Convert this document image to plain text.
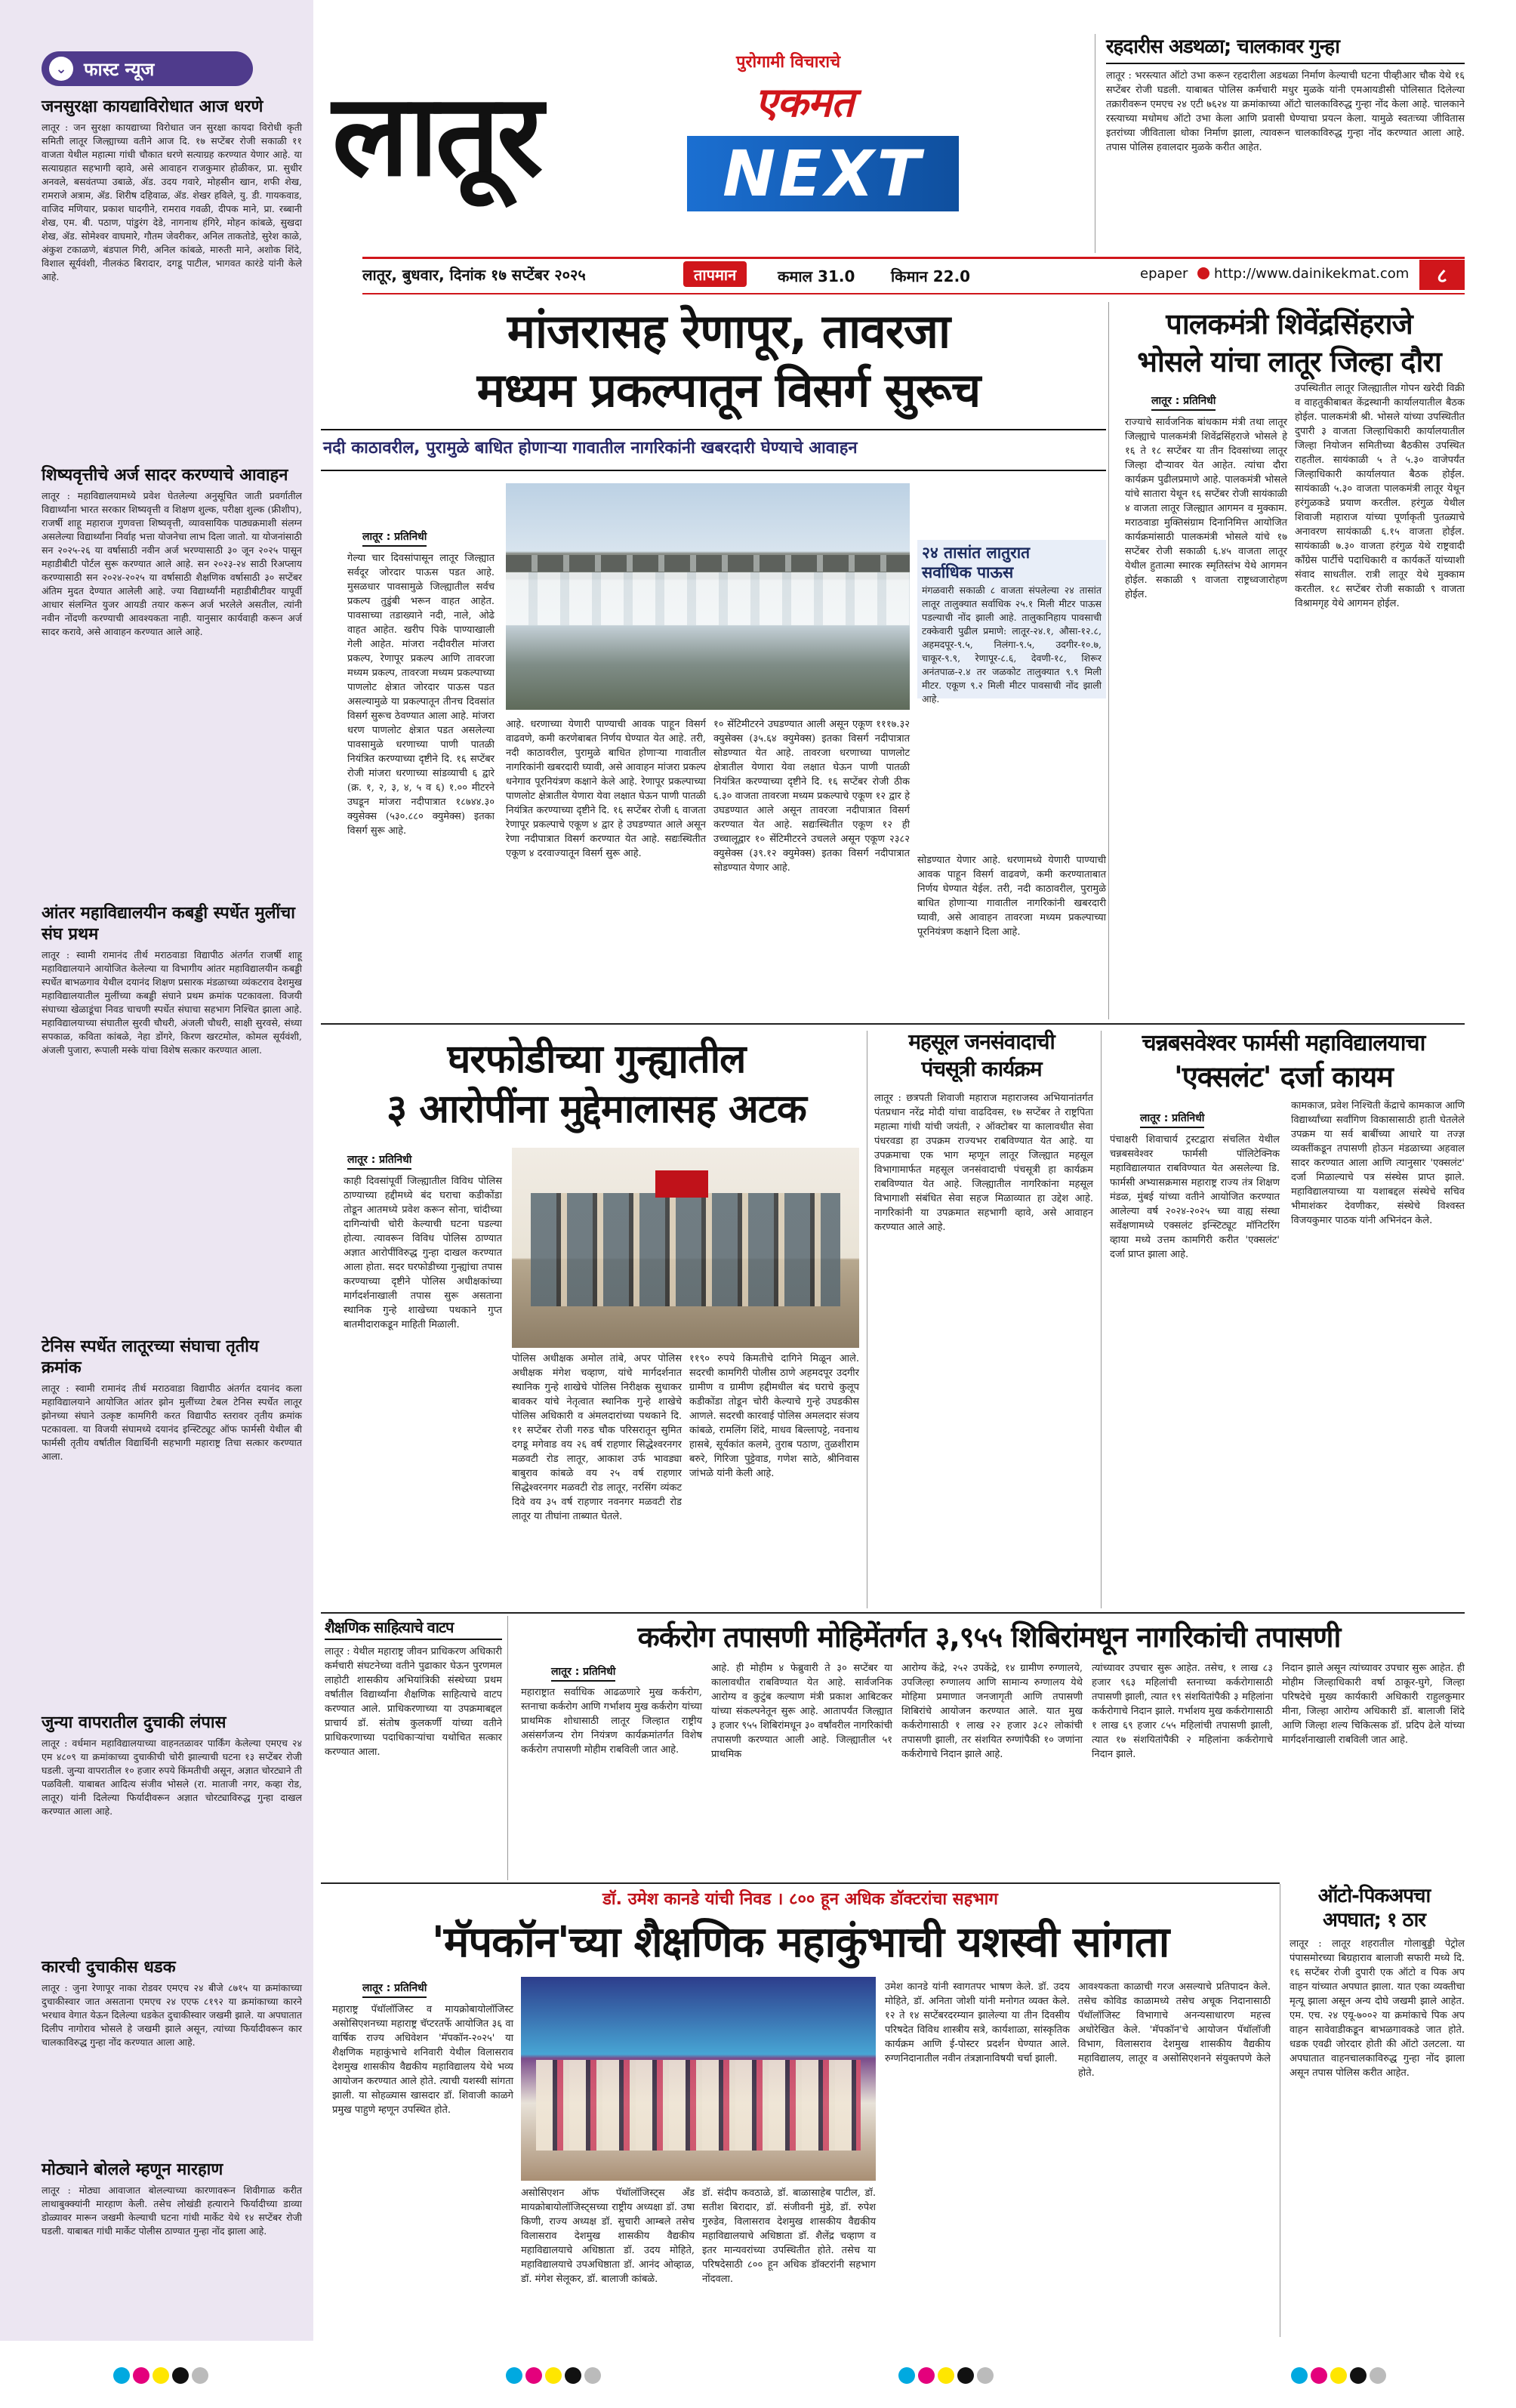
⌄ फास्ट न्यूज
जनसुरक्षा कायद्याविरोधात आज धरणे
लातूर : जन सुरक्षा कायद्याच्या विरोधात जन सुरक्षा कायदा विरोधी कृती समिती लातूर जिल्ह्याच्या वतीने आज दि. १७ सप्टेंबर रोजी सकाळी ११ वाजता येथील महात्मा गांधी चौकात धरणे सत्याग्रह करण्यात येणार आहे. या सत्याग्रहात सहभागी व्हावे, असे आवाहन राजकुमार होळीकर, प्रा. सुधीर अनवले, बसवंतप्पा उबाळे, ॲड. उदय गवारे, मोहसीन खान, शफी शेख, रामराजे अत्राम, ॲड. शिरीष दहिवाळ, ॲड. शेखर हविले, यु. डी. गायकवाड, वाजिद मणियार, प्रकाश घादगीने, रामराव गवळी, दीपक माने, प्रा. रब्बानी शेख, एम. बी. पठाण, पांडुरंग देडे, नागनाथ हंगिरे, मोहन कांबळे, सुखदा शेख, ॲड. सोमेश्वर वाघमारे, गौतम जेवरीकर, अनिल ताकतोडे, सुरेश काळे, अंकुश टकाळणे, बंडपाल गिरी, अनिल कांबळे, मारुती माने, अशोक शिंदे, विशाल सूर्यवंशी, नीलकंठ बिरादार, दगडू पाटील, भागवत कारंडे यांनी केले आहे.
शिष्यवृत्तीचे अर्ज सादर करण्याचे आवाहन
लातूर : महाविद्यालयामध्ये प्रवेश घेतलेल्या अनुसूचित जाती प्रवर्गातील विद्यार्थ्यांना भारत सरकार शिष्यवृत्ती व शिक्षण शुल्क, परीक्षा शुल्क (फ्रीशीप), राजर्षी शाहू महाराज गुणवत्ता शिष्यवृत्ती, व्यावसायिक पाठ्यक्रमाशी संलग्न असलेल्या विद्यार्थ्यांना निर्वाह भत्ता योजनेचा लाभ दिला जातो. या योजनांसाठी सन २०२५-२६ या वर्षासाठी नवीन अर्ज भरण्यासाठी ३० जून २०२५ पासून महाडीबीटी पोर्टल सुरू करण्यात आले आहे. सन २०२३-२४ साठी रिअप्लाय करण्यासाठी सन २०२४-२०२५ या वर्षासाठी शैक्षणिक वर्षासाठी ३० सप्टेंबर अंतिम मुदत देण्यात आलेली आहे. ज्या विद्यार्थ्यांनी महाडीबीटीवर यापूर्वी आधार संलग्नित युजर आयडी तयार करून अर्ज भरलेले असतील, त्यांनी नवीन नोंदणी करण्याची आवश्यकता नाही. यानुसार कार्यवाही करून अर्ज सादर करावे, असे आवाहन करण्यात आले आहे.
आंतर महाविद्यालयीन कबड्डी स्पर्धेत मुलींचा संघ प्रथम
लातूर : स्वामी रामानंद तीर्थ मराठवाडा विद्यापीठ अंतर्गत राजर्षी शाहू महाविद्यालयाने आयोजित केलेल्या या विभागीय आंतर महाविद्यालयीन कबड्डी स्पर्धेत बाभळगाव येथील दयानंद शिक्षण प्रसारक मंडळाच्या व्यंकटराव देशमुख महाविद्यालयातील मुलींच्या कबड्डी संघाने प्रथम क्रमांक पटकावला. विजयी संघाच्या खेळाडूंचा निवड चाचणी स्पर्धेत संघाचा सहभाग निश्चित झाला आहे. महाविद्यालयाच्या संघातील सुरवी चौधरी, अंजली चौधरी, साक्षी सुरवसे, संध्या सपकाळ, कविता कांबळे, नेहा डोंगरे, किरण खरटमोल, कोमल सूर्यवंशी, अंजली पुजारा, रूपाली मस्के यांचा विशेष सत्कार करण्यात आला.
टेनिस स्पर्धेत लातूरच्या संघाचा तृतीय क्रमांक
लातूर : स्वामी रामानंद तीर्थ मराठवाडा विद्यापीठ अंतर्गत दयानंद कला महाविद्यालयाने आयोजित आंतर झोन मुलींच्या टेबल टेनिस स्पर्धेत लातूर झोनच्या संघाने उत्कृष्ट कामगिरी करत विद्यापीठ स्तरावर तृतीय क्रमांक पटकावला. या विजयी संघामध्ये दयानंद इन्स्टिट्यूट ऑफ फार्मसी येथील बी फार्मसी तृतीय वर्षातील विद्यार्थिनी सहभागी महाराष्ट्र तिचा सत्कार करण्यात आला.
जुन्या वापरातील दुचाकी लंपास
लातूर : वर्धमान महाविद्यालयाच्या वाहनतळावर पार्किंग केलेल्या एमएच २४ एम ४८०९ या क्रमांकाच्या दुचाकीची चोरी झाल्याची घटना १३ सप्टेंबर रोजी घडली. जुन्या वापरातील १० हजार रुपये किंमतीची असून, अज्ञात चोरट्याने ती पळविली. याबाबत आदित्य संजीव भोसले (रा. माताजी नगर, कव्हा रोड, लातूर) यांनी दिलेल्या फिर्यादीवरून अज्ञात चोरट्याविरुद्ध गुन्हा दाखल करण्यात आला आहे.
कारची दुचाकीस धडक
लातूर : जुना रेणापूर नाका रोडवर एमएच २४ बीजे ८७१५ या क्रमांकाच्या दुचाकीस्वार जात असताना एमएच २४ एएफ ८१९२ या क्रमांकाच्या कारने भरधाव वेगात येऊन दिलेल्या धडकेत दुचाकीस्वार जखमी झाले. या अपघातात दिलीप नागोराव भोसले हे जखमी झाले असून, त्यांच्या फिर्यादीवरून कार चालकाविरुद्ध गुन्हा नोंद करण्यात आला आहे.
मोठ्याने बोलले म्हणून मारहाण
लातूर : मोठ्या आवाजात बोलल्याच्या कारणावरून शिवीगाळ करीत लाथाबुक्क्यांनी मारहाण केली. तसेच लोखंडी हत्याराने फिर्यादीच्या डाव्या डोळ्यावर मारून जखमी केल्याची घटना गांधी मार्केट येथे १४ सप्टेंबर रोजी घडली. याबाबत गांधी मार्केट पोलीस ठाण्यात गुन्हा नोंद झाला आहे.
लातूर
पुरोगामी विचाराचे
एकमत
NEXT
लातूर, बुधवार, दिनांक १७ सप्टेंबर २०२५	तापमान	कमाल 31.0 किमान 22.0	epaper http://www.dainikekmat.com	८
रहदारीस अडथळा; चालकावर गुन्हा
लातूर : भरस्त्यात ऑटो उभा करून रहदारीला अडथळा निर्माण केल्याची घटना पीव्हीआर चौक येथे १६ सप्टेंबर रोजी घडली. याबाबत पोलिस कर्मचारी मधुर मुळके यांनी एमआयडीसी पोलिसात दिलेल्या तक्रारीवरून एमएच २४ एटी ७६२४ या क्रमांकाच्या ऑटो चालकाविरुद्ध गुन्हा नोंद केला आहे. चालकाने रस्त्याच्या मधोमध ऑटो उभा केला आणि प्रवासी घेण्याचा प्रयत्न केला. यामुळे स्वतःच्या जीवितास इतरांच्या जीविताला धोका निर्माण झाला, त्यावरून चालकाविरुद्ध गुन्हा नोंद करण्यात आला आहे. तपास पोलिस हवालदार मुळके करीत आहेत.
मांजरासह रेणापूर, तावरजा
मध्यम प्रकल्पातून विसर्ग सुरूच
नदी काठावरील, पुरामुळे बाधित होणाऱ्या गावातील नागरिकांनी खबरदारी घेण्याचे आवाहन
लातूर : प्रतिनिधी
गेल्या चार दिवसांपासून लातूर जिल्ह्यात सर्वदूर जोरदार पाऊस पडत आहे. मुसळधार पावसामुळे जिल्ह्यातील सर्वच प्रकल्प तुडुंबी भरून वाहत आहेत. पावसाच्या तडाख्याने नदी, नाले, ओढे वाहत आहेत. खरीप पिके पाण्याखाली गेली आहेत. मांजरा नदीवरील मांजरा प्रकल्प, रेणापूर प्रकल्प आणि तावरजा मध्यम प्रकल्प, तावरजा मध्यम प्रकल्पाच्या पाणलोट क्षेत्रात जोरदार पाऊस पडत असल्यामुळे या प्रकल्पातून तीनच दिवसांत विसर्ग सुरूच ठेवण्यात आला आहे. मांजरा धरण पाणलोट क्षेत्रात पडत असलेल्या पावसामुळे धरणाच्या पाणी पातळी नियंत्रित करण्याच्या दृष्टीने दि. १६ सप्टेंबर रोजी मांजरा धरणाच्या सांडव्याची ६ द्वारे (क्र. १, २, ३, ४, ५ व ६) १.०० मीटरने उघडून मांजरा नदीपात्रात १८७४४.३० क्युसेक्स (५३०.८८० क्युमेक्स) इतका विसर्ग सुरू आहे.
आहे. धरणाच्या येणारी पाण्याची आवक पाहून विसर्ग वाढवणे, कमी करणेबाबत निर्णय घेण्यात येत आहे. तरी, नदी काठावरील, पुरामुळे बाधित होणाऱ्या गावातील नागरिकांनी खबरदारी घ्यावी, असे आवाहन मांजरा प्रकल्प धनेगाव पूरनियंत्रण कक्षाने केले आहे. रेणापूर प्रकल्पाच्या पाणलोट क्षेत्रातील येणारा येवा लक्षात घेऊन पाणी पातळी नियंत्रित करण्याच्या दृष्टीने दि. १६ सप्टेंबर रोजी ६ वाजता रेणापूर प्रकल्पाचे एकूण ४ द्वार हे उघडण्यात आले असून रेणा नदीपात्रात विसर्ग करण्यात येत आहे. सद्यःस्थितीत एकूण ४ दरवाज्यातून विसर्ग सुरू आहे.
१० सेंटिमीटरने उघडण्यात आली असून एकूण १११७.३२ क्युसेक्स (३५.६४ क्युमेक्स) इतका विसर्ग नदीपात्रात सोडण्यात येत आहे. तावरजा धरणाच्या पाणलोट क्षेत्रातील येणारा येवा लक्षात घेऊन पाणी पातळी नियंत्रित करण्याच्या दृष्टीने दि. १६ सप्टेंबर रोजी ठीक ६.३० वाजता तावरजा मध्यम प्रकल्पाचे एकूण १२ द्वार हे उघडण्यात आले असून तावरजा नदीपात्रात विसर्ग करण्यात येत आहे. सद्यःस्थितीत एकूण १२ ही उच्चालूद्वार १० सेंटिमीटरने उचलले असून एकूण २३८२ क्युसेक्स (३९.१२ क्युमेक्स) इतका विसर्ग नदीपात्रात सोडण्यात येणार आहे.
२४ तासांत लातुरात
सर्वाधिक पाऊस
मंगळवारी सकाळी ८ वाजता संपलेल्या २४ तासांत लातूर तालुक्यात सर्वाधिक २५.१ मिली मीटर पाऊस पडल्याची नोंद झाली आहे. तालुकानिहाय पावसाची टक्केवारी पुढील प्रमाणे: लातूर-२४.१, औसा-१२.८, अहमदपूर-९.५, निलंगा-९.५, उदगीर-१०.७, चाकूर-९.९, रेणापूर-८.६, देवणी-१८, शिरूर अनंतपाळ-२.४ तर जळकोट तालुक्यात ९.९ मिली मीटर. एकूण ९.२ मिली मीटर पावसाची नोंद झाली आहे.
सोडण्यात येणार आहे. धरणामध्ये येणारी पाण्याची आवक पाहून विसर्ग वाढवणे, कमी करण्याताबात निर्णय घेण्यात येईल. तरी, नदी काठावरील, पुरामुळे बाधित होणाऱ्या गावातील नागरिकांनी खबरदारी घ्यावी, असे आवाहन तावरजा मध्यम प्रकल्पाच्या पूरनियंत्रण कक्षाने दिला आहे.
पालकमंत्री शिवेंद्रसिंहराजे
भोसले यांचा लातूर जिल्हा दौरा
लातूर : प्रतिनिधी
राज्याचे सार्वजनिक बांधकाम मंत्री तथा लातूर जिल्ह्याचे पालकमंत्री शिवेंद्रसिंहराजे भोसले हे १६ ते १८ सप्टेंबर या तीन दिवसांच्या लातूर जिल्हा दौऱ्यावर येत आहेत. त्यांचा दौरा कार्यक्रम पुढीलप्रमाणे आहे. पालकमंत्री भोसले यांचे सातारा येथून १६ सप्टेंबर रोजी सायंकाळी ४ वाजता लातूर जिल्ह्यात आगमन व मुक्काम. मराठवाडा मुक्तिसंग्राम दिनानिमित्त आयोजित कार्यक्रमांसाठी पालकमंत्री भोसले यांचे १७ सप्टेंबर रोजी सकाळी ६.४५ वाजता लातूर येथील हुतात्मा स्मारक स्मृतिस्तंभ येथे आगमन होईल. सकाळी ९ वाजता राष्ट्रध्वजारोहण होईल.
उपस्थितीत लातूर जिल्ह्यातील गोपन खरेदी विक्री व वाहतुकीबाबत केंद्रस्थानी कार्यालयातील बैठक होईल. पालकमंत्री श्री. भोसले यांच्या उपस्थितीत दुपारी ३ वाजता जिल्हाधिकारी कार्यालयातील जिल्हा नियोजन समितीच्या बैठकीस उपस्थित राहतील. सायंकाळी ५ ते ५.३० वाजेपर्यंत जिल्हाधिकारी कार्यालयात बैठक होईल. सायंकाळी ५.३० वाजता पालकमंत्री लातूर येथून हरंगुळकडे प्रयाण करतील. हरंगुळ येथील शिवाजी महाराज यांच्या पूर्णाकृती पुतळ्याचे अनावरण सायंकाळी ६.१५ वाजता होईल. सायंकाळी ७.३० वाजता हरंगुळ येथे राष्ट्रवादी काँग्रेस पार्टीचे पदाधिकारी व कार्यकर्ते यांच्याशी संवाद साधतील. रात्री लातूर येथे मुक्काम करतील. १८ सप्टेंबर रोजी सकाळी ९ वाजता विश्रामगृह येथे आगमन होईल.
घरफोडीच्या गुन्ह्यातील
३ आरोपींना मुद्देमालासह अटक
लातूर : प्रतिनिधी
काही दिवसांपूर्वी जिल्ह्यातील विविध पोलिस ठाण्याच्या हद्दीमध्ये बंद घराचा कडीकोंडा तोडून आतमध्ये प्रवेश करून सोना, चांदीच्या दागिन्यांची चोरी केल्याची घटना घडल्या होत्या. त्यावरून विविध पोलिस ठाण्यात अज्ञात आरोपींविरुद्ध गुन्हा दाखल करण्यात आला होता. सदर घरफोडीच्या गुन्ह्यांचा तपास करण्याच्या दृष्टीने पोलिस अधीक्षकांच्या मार्गदर्शनाखाली तपास सुरू असताना स्थानिक गुन्हे शाखेच्या पथकाने गुप्त बातमीदाराकडून माहिती मिळाली.
पोलिस अधीक्षक अमोल तांबे, अपर पोलिस अधीक्षक मंगेश चव्हाण, यांचे मार्गदर्शनात स्थानिक गुन्हे शाखेचे पोलिस निरीक्षक सुधाकर बावकर यांचे नेतृत्वात स्थानिक गुन्हे शाखेचे पोलिस अधिकारी व अंमलदारांच्या पथकाने दि. ११ सप्टेंबर रोजी गरुड चौक परिसरातून सुमित दगडू मगेवाड वय २६ वर्ष राहणार सिद्धेश्वरनगर मळवटी रोड लातूर, आकाश उर्फ भावड्या बाबुराव कांबळे वय २५ वर्ष राहणार सिद्धेश्वरनगर मळवटी रोड लातूर, नरसिंग व्यंकट दिवे वय ३५ वर्ष राहणार नवनगर मळवटी रोड लातूर या तीघांना ताब्यात घेतले.
११९० रुपये किमतीचे दागिने मिळून आले. सदरची कामगिरी पोलीस ठाणे अहमदपूर उदगीर ग्रामीण व ग्रामीण हद्दीमधील बंद घराचे कुलूप कडीकोंडा तोडून चोरी केल्याचे गुन्हे उघडकीस आणले. सदरची कारवाई पोलिस अमलदार संजय कांबळे, रामलिंग शिंदे, माधव बिल्लापट्टे, नवनाथ हासबे, सूर्यकांत कलमे, तुराब पठाण, तुळशीराम बरुरे, गिरिजा पुट्टेवाड, गणेश साठे, श्रीनिवास जांभळे यांनी केली आहे.
महसूल जनसंवादाची
पंचसूत्री कार्यक्रम
लातूर : छत्रपती शिवाजी महाराज महाराजस्व अभियानांतर्गत पंतप्रधान नरेंद्र मोदी यांचा वाढदिवस, १७ सप्टेंबर ते राष्ट्रपिता महात्मा गांधी यांची जयंती, २ ऑक्टोबर या कालावधीत सेवा पंधरवडा हा उपक्रम राज्यभर राबविण्यात येत आहे. या उपक्रमाचा एक भाग म्हणून लातूर जिल्ह्यात महसूल विभागामार्फत महसूल जनसंवादाची पंचसूत्री हा कार्यक्रम राबविण्यात येत आहे. जिल्ह्यातील नागरिकांना महसूल विभागाशी संबंधित सेवा सहज मिळाव्यात हा उद्देश आहे. नागरिकांनी या उपक्रमात सहभागी व्हावे, असे आवाहन करण्यात आले आहे.
चन्नबसवेश्वर फार्मसी महाविद्यालयाचा
'एक्सलंट' दर्जा कायम
लातूर : प्रतिनिधी
पंचाक्षरी शिवाचार्य ट्रस्टद्वारा संचलित येथील चन्नबसवेश्वर फार्मसी पॉलिटेक्निक महाविद्यालयात राबविण्यात येत असलेल्या डि. फार्मसी अभ्यासक्रमास महाराष्ट्र राज्य तंत्र शिक्षण मंडळ, मुंबई यांच्या वतीने आयोजित करण्यात आलेल्या वर्ष २०२४-२०२५ च्या वाह्य संस्था सर्वेक्षणामध्ये एक्सलंट इन्स्टिट्यूट मॉनिटरिंग व्हाया मध्ये उत्तम कामगिरी करीत 'एक्सलंट' दर्जा प्राप्त झाला आहे.
कामकाज, प्रवेश निश्चिती केंद्राचे कामकाज आणि विद्यार्थ्यांच्या सर्वांगिण विकासासाठी हाती घेतलेले उपक्रम या सर्व बाबींच्या आधारे या तज्ज्ञ व्यक्तींकडून तपासणी होऊन मंडळाच्या अहवाल सादर करण्यात आला आणि त्यानुसार 'एक्सलंट' दर्जा मिळाल्याचे पत्र संस्थेस प्राप्त झाले. महाविद्यालयाच्या या यशाबद्दल संस्थेचे सचिव भीमाशंकर देवणीकर, संस्थेचे विश्वस्त विजयकुमार पाठक यांनी अभिनंदन केले.
शैक्षणिक साहित्याचे वाटप
लातूर : येथील महाराष्ट्र जीवन प्राधिकरण अधिकारी कर्मचारी संघटनेच्या वतीने पुढाकार घेऊन पुरणमल लाहोटी शासकीय अभियांत्रिकी संस्थेच्या प्रथम वर्षातील विद्यार्थ्यांना शैक्षणिक साहित्याचे वाटप करण्यात आले. प्राधिकरणाच्या या उपक्रमाबद्दल प्राचार्य डॉ. संतोष कुलकर्णी यांच्या वतीने प्राधिकरणाच्या पदाधिकाऱ्यांचा यथोचित सत्कार करण्यात आला.
कर्करोग तपासणी मोहिमेंतर्गत ३,९५५ शिबिरांमधून नागरिकांची तपासणी
लातूर : प्रतिनिधी
महाराष्ट्रात सर्वाधिक आढळणारे मुख कर्करोग, स्तनाचा कर्करोग आणि गर्भाशय मुख कर्करोग यांच्या प्राथमिक शोधासाठी लातूर जिल्हात राष्ट्रीय असंसर्गजन्य रोग नियंत्रण कार्यक्रमांतर्गत विशेष कर्करोग तपासणी मोहीम राबविली जात आहे.
आहे. ही मोहीम ४ फेब्रुवारी ते ३० सप्टेंबर या कालावधीत राबविण्यात येत आहे. सार्वजनिक आरोग्य व कुटुंब कल्याण मंत्री प्रकाश आबिटकर यांच्या संकल्पनेतून सुरू आहे. आतापर्यंत जिल्ह्यात ३ हजार ९५५ शिबिरांमधून ३० वर्षांवरील नागरिकांची तपासणी करण्यात आली आहे. जिल्ह्यातील ५१ प्राथमिक
आरोग्य केंद्रे, २५२ उपकेंद्रे, १४ ग्रामीण रुग्णालये, उपजिल्हा रुग्णालय आणि सामान्य रुग्णालय येथे मोहिमा प्रमाणात जनजागृती आणि तपासणी शिबिरांचे आयोजन करण्यात आले. यात मुख कर्करोगासाठी १ लाख २२ हजार ३८२ लोकांची तपासणी झाली, तर संशयित रुग्णांपैकी १० जणांना कर्करोगाचे निदान झाले आहे.
त्यांच्यावर उपचार सुरू आहेत. तसेच, १ लाख ८३ हजार ९६३ महिलांची स्तनाच्या कर्करोगासाठी तपासणी झाली, त्यात १९ संशयितांपैकी ३ महिलांना कर्करोगाचे निदान झाले. गर्भाशय मुख कर्करोगासाठी १ लाख ६९ हजार ८५५ महिलांची तपासणी झाली, त्यात १७ संशयितांपैकी २ महिलांना कर्करोगाचे निदान झाले.
निदान झाले असून त्यांच्यावर उपचार सुरू आहेत. ही मोहीम जिल्हाधिकारी वर्षा ठाकूर-घुगे, जिल्हा परिषदेचे मुख्य कार्यकारी अधिकारी राहुलकुमार मीना, जिल्हा आरोग्य अधिकारी डॉ. बालाजी शिंदे आणि जिल्हा शल्य चिकित्सक डॉ. प्रदिप ढेले यांच्या मार्गदर्शनाखाली राबविली जात आहे.
डॉ. उमेश कानडे यांची निवड । ८०० हून अधिक डॉक्टरांचा सहभाग
'मॅपकॉन'च्या शैक्षणिक महाकुंभाची यशस्वी सांगता
लातूर : प्रतिनिधी
महाराष्ट्र पॅथॉलॉजिस्ट व मायक्रोबायोलॉजिस्ट असोसिएशनच्या महाराष्ट्र चॅप्टरतर्फे आयोजित ३६ वा वार्षिक राज्य अधिवेशन 'मॅपकॉन-२०२५' या शैक्षणिक महाकुंभाचे शनिवारी येथील विलासराव देशमुख शासकीय वैद्यकीय महाविद्यालय येथे भव्य आयोजन करण्यात आले होते. त्याची यशस्वी सांगता झाली. या सोहळ्यास खासदार डॉ. शिवाजी काळगे प्रमुख पाहुणे म्हणून उपस्थित होते.
असोसिएशन ऑफ पॅथॉलॉजिस्ट्स अँड मायक्रोबायोलॉजिस्ट्सच्या राष्ट्रीय अध्यक्षा डॉ. उषा किणी, राज्य अध्यक्ष डॉ. सुचारी आम्बले तसेच विलासराव देशमुख शासकीय वैद्यकीय महाविद्यालयाचे अधिष्ठाता डॉ. उदय मोहिते, महाविद्यालयाचे उपअधिष्ठाता डॉ. आनंद ओव्हाळ, डॉ. मंगेश सेलूकर, डॉ. बालाजी कांबळे.
डॉ. संदीप कवठाळे, डॉ. बाळासाहेब पाटील, डॉ. सतीश बिरादार, डॉ. संजीवनी मुंडे, डॉ. रुपेश गुरुडेव, विलासराव देशमुख शासकीय वैद्यकीय महाविद्यालयाचे अधिष्ठाता डॉ. शैलेंद्र चव्हाण व इतर मान्यवरांच्या उपस्थितीत होते. तसेच या परिषदेसाठी ८०० हून अधिक डॉक्टरांनी सहभाग नोंदवला.
उमेश कानडे यांनी स्वागतपर भाषण केले. डॉ. उदय मोहिते, डॉ. अनिता जोशी यांनी मनोगत व्यक्त केले. १२ ते १४ सप्टेंबरदरम्यान झालेल्या या तीन दिवसीय परिषदेत विविध शास्त्रीय सत्रे, कार्यशाळा, सांस्कृतिक कार्यक्रम आणि ई-पोस्टर प्रदर्शन घेण्यात आले. रुग्णनिदानातील नवीन तंत्रज्ञानाविषयी चर्चा झाली.
आवश्यकता काळाची गरज असल्याचे प्रतिपादन केले. तसेच कोविड काळामध्ये तसेच अचूक निदानासाठी पॅथॉलॉजिस्ट विभागाचे अनन्यसाधारण महत्त्व अधोरेखित केले. 'मॅपकॉन'चे आयोजन पॅथॉलॉजी विभाग, विलासराव देशमुख शासकीय वैद्यकीय महाविद्यालय, लातूर व असोसिएशनने संयुक्तपणे केले होते.
ऑटो-पिकअपचा
अपघात; १ ठार
लातूर : लातूर शहरातील गोलाबुड्डी पेट्रोल पंपासमोरच्या बिग्रहाराव बालाजी सफारी मध्ये दि. १६ सप्टेंबर रोजी दुपारी एक ऑटो व पिक अप वाहन यांच्यात अपघात झाला. यात एका व्यक्तीचा मृत्यू झाला असून अन्य दोघे जखमी झाले आहेत. एम. एच. २४ एयू-७००२ या क्रमांकाचे पिक अप वाहन सावेवाडीकडून बाभळगावकडे जात होते. धडक एवढी जोरदार होती की ऑटो उलटला. या अपघातात वाहनचालकाविरुद्ध गुन्हा नोंद झाला असून तपास पोलिस करीत आहेत.
